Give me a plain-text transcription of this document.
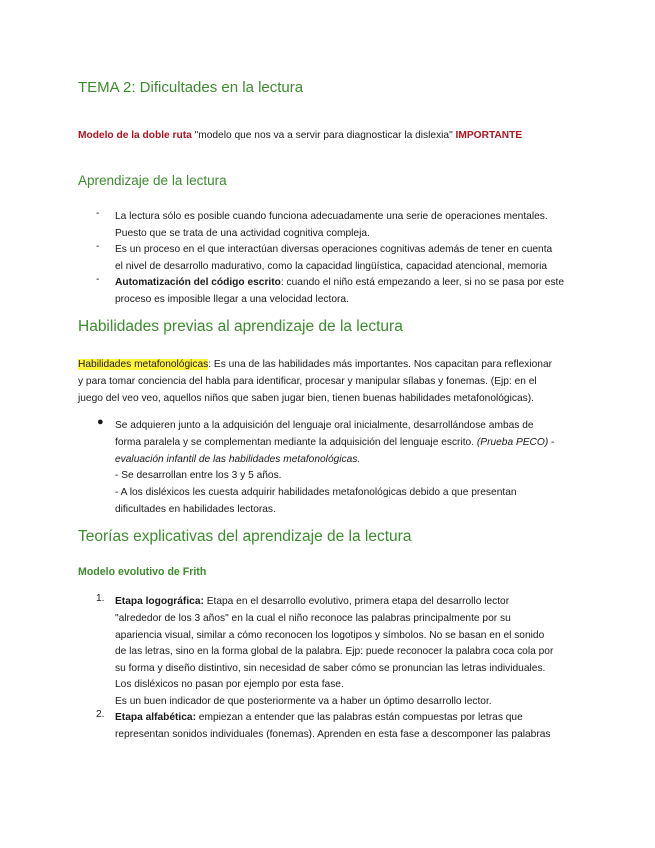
TEMA 2: Dificultades en la lectura
Modelo de la doble ruta "modelo que nos va a servir para diagnosticar la dislexia" IMPORTANTE
Aprendizaje de la lectura
- La lectura sólo es posible cuando funciona adecuadamente una serie de operaciones mentales.
Puesto que se trata de una actividad cognitiva compleja.
- Es un proceso en el que interactúan diversas operaciones cognitivas además de tener en cuenta
el nivel de desarrollo madurativo, como la capacidad lingüística, capacidad atencional, memoria
- Automatización del código escrito: cuando el niño está empezando a leer, si no se pasa por este
proceso es imposible llegar a una velocidad lectora.
Habilidades previas al aprendizaje de la lectura
Habilidades metafonológicas: Es una de las habilidades más importantes. Nos capacitan para reflexionar
y para tomar conciencia del habla para identificar, procesar y manipular sílabas y fonemas. (Ejp: en el
juego del veo veo, aquellos niños que saben jugar bien, tienen buenas habilidades metafonológicas).
● Se adquieren junto a la adquisición del lenguaje oral inicialmente, desarrollándose ambas de
forma paralela y se complementan mediante la adquisición del lenguaje escrito. (Prueba PECO) -
evaluación infantil de las habilidades metafonológicas.
- Se desarrollan entre los 3 y 5 años.
- A los disléxicos les cuesta adquirir habilidades metafonológicas debido a que presentan
dificultades en habilidades lectoras.
Teorías explicativas del aprendizaje de la lectura
Modelo evolutivo de Frith
1. Etapa logográfica: Etapa en el desarrollo evolutivo, primera etapa del desarrollo lector
"alrededor de los 3 años" en la cual el niño reconoce las palabras principalmente por su
apariencia visual, similar a cómo reconocen los logotipos y símbolos. No se basan en el sonido
de las letras, sino en la forma global de la palabra. Ejp: puede reconocer la palabra coca cola por
su forma y diseño distintivo, sin necesidad de saber cómo se pronuncian las letras individuales.
Los disléxicos no pasan por ejemplo por esta fase.
Es un buen indicador de que posteriormente va a haber un óptimo desarrollo lector.
2. Etapa alfabética: empiezan a entender que las palabras están compuestas por letras que
representan sonidos individuales (fonemas). Aprenden en esta fase a descomponer las palabras
